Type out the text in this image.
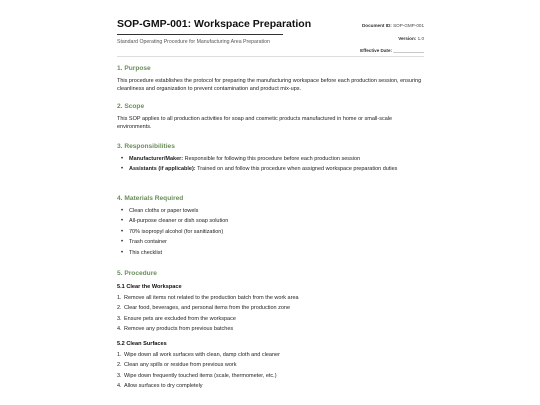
SOP-GMP-001: Workspace Preparation
Standard Operating Procedure for Manufacturing Area Preparation
Document ID: SOP-GMP-001
Version: 1.0
Effective Date: ____________
1. Purpose

This procedure establishes the protocol for preparing the manufacturing workspace before each production session, ensuring cleanliness and organization to prevent contamination and product mix-ups.

2. Scope

This SOP applies to all production activities for soap and cosmetic products manufactured in home or small-scale environments.

3. Responsibilities
• Manufacturer/Maker: Responsible for following this procedure before each production session
• Assistants (if applicable): Trained on and follow this procedure when assigned workspace preparation duties
4. Materials Required
• Clean cloths or paper towels
• All-purpose cleaner or dish soap solution
• 70% isopropyl alcohol (for sanitization)
• Trash container
• This checklist
5. Procedure
5.1 Clear the Workspace
1. Remove all items not related to the production batch from the work area
2. Clear food, beverages, and personal items from the production zone
3. Ensure pets are excluded from the workspace
4. Remove any products from previous batches
5.2 Clean Surfaces
1. Wipe down all work surfaces with clean, damp cloth and cleaner
2. Clean any spills or residue from previous work
3. Wipe down frequently touched items (scale, thermometer, etc.)
4. Allow surfaces to dry completely
